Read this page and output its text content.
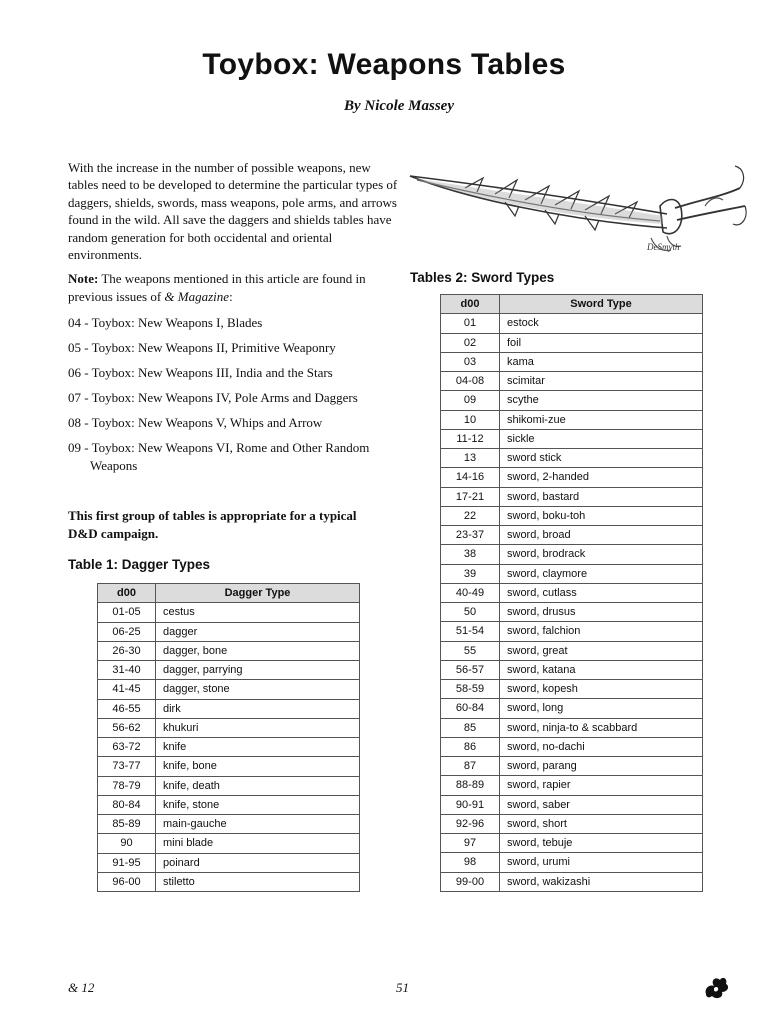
Toybox: Weapons Tables
By Nicole Massey

With the increase in the number of possible weapons, new tables need to be developed to determine the particular types of daggers, shields, swords, mass weapons, pole arms, and arrows found in the wild. All save the daggers and shields tables have random generation for both occidental and oriental environments.

Note: The weapons mentioned in this article are found in previous issues of & Magazine:

04 - Toybox: New Weapons I, Blades
05 - Toybox: New Weapons II, Primitive Weaponry
06 - Toybox: New Weapons III, India and the Stars
07 - Toybox: New Weapons IV, Pole Arms and Daggers
08 - Toybox: New Weapons V, Whips and Arrow
09 - Toybox: New Weapons VI, Rome and Other Random Weapons

This first group of tables is appropriate for a typical D&D campaign.

Table 1: Dagger Types
d00	Dagger Type
01-05	cestus
06-25	dagger
26-30	dagger, bone
31-40	dagger, parrying
41-45	dagger, stone
46-55	dirk
56-62	khukuri
63-72	knife
73-77	knife, bone
78-79	knife, death
80-84	knife, stone
85-89	main-gauche
90	mini blade
91-95	poinard
96-00	stiletto
DeSmyth
Tables 2: Sword Types
d00	Sword Type
01	estock
02	foil
03	kama
04-08	scimitar
09	scythe
10	shikomi-zue
11-12	sickle
13	sword stick
14-16	sword, 2-handed
17-21	sword, bastard
22	sword, boku-toh
23-37	sword, broad
38	sword, brodrack
39	sword, claymore
40-49	sword, cutlass
50	sword, drusus
51-54	sword, falchion
55	sword, great
56-57	sword, katana
58-59	sword, kopesh
60-84	sword, long
85	sword, ninja-to & scabbard
86	sword, no-dachi
87	sword, parang
88-89	sword, rapier
90-91	sword, saber
92-96	sword, short
97	sword, tebuje
98	sword, urumi
99-00	sword, wakizashi
& 12	51
